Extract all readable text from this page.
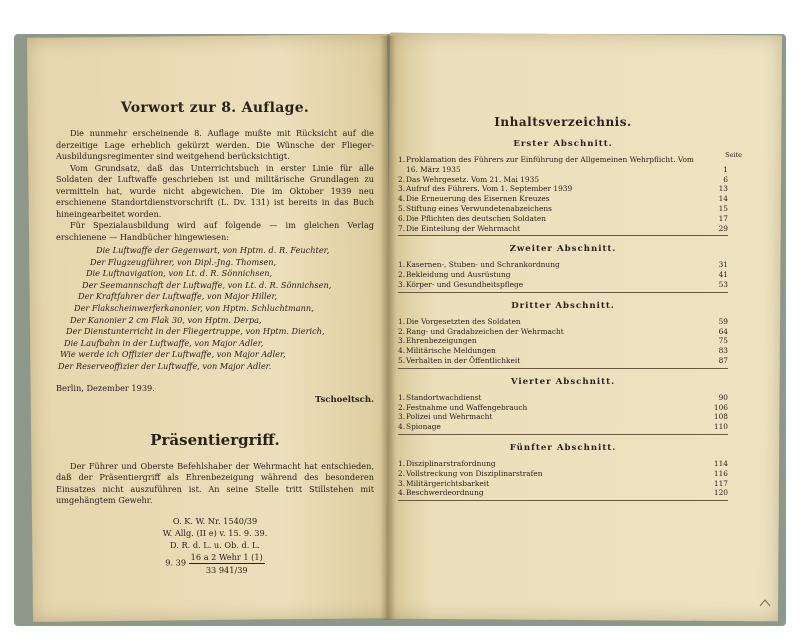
Vorwort zur 8. Auflage.

Die nunmehr erscheinende 8. Auflage mußte mit Rücksicht auf die derzeitige Lage erheblich gekürzt werden. Die Wünsche der Flieger-Ausbildungsregimenter sind weitgehend berücksichtigt.

Vom Grundsatz, daß das Unterrichtsbuch in erster Linie für alle Soldaten der Luftwaffe geschrieben ist und militärische Grundlagen zu vermitteln hat, wurde nicht abgewichen. Die im Oktober 1939 neu erschienene Standortdienstvorschrift (L. Dv. 131) ist bereits in das Buch hineingearbeitet worden.

Für Spezialausbildung wird auf folgende — im gleichen Verlag erschienene — Handbücher hingewiesen:

Die Luftwaffe der Gegenwart, von Hptm. d. R. Feuchter,
Der Flugzeugführer, von Dipl.-Jng. Thomsen,
Die Luftnavigation, von Lt. d. R. Sönnichsen,
Der Seemannschaft der Luftwaffe, von Lt. d. R. Sönnichsen,
Der Kraftfahrer der Luftwaffe, von Major Hiller,
Der Flakscheinwerferkanonier, von Hptm. Schluchtmann,
Der Kanonier 2 cm Flak 30, von Hptm. Derpa,
Der Dienstunterricht in der Fliegertruppe, von Hptm. Dierich,
Die Laufbahn in der Luftwaffe, von Major Adler,
Wie werde ich Offizier der Luftwaffe, von Major Adler,
Der Reserveoffizier der Luftwaffe, von Major Adler.
Berlin, Dezember 1939.
Tschoeltsch.
Präsentiergriff.

Der Führer und Oberste Befehlshaber der Wehrmacht hat entschieden, daß der Präsentiergriff als Ehrenbezeigung während des besonderen Einsatzes nicht auszuführen ist. An seine Stelle tritt Stillstehen mit umgehängtem Gewehr.

O. K. W. Nr. 1540/39
W. Allg. (II e) v. 15. 9. 39.
D. R. d. L. u. Ob. d. L.
9. $39 \frac{\text{16 a 2 Wehr 1 (1)}}{33 941/39}$
Inhaltsverzeichnis.
Seite
Erster Abschnitt.
1. Proklamation des Führers zur Einführung der Allgemeinen Wehrpflicht. Vom 16. März 1935	1
2. Das Wehrgesetz. Vom 21. Mai 1935	6
3. Aufruf des Führers. Vom 1. September 1939	13
4. Die Erneuerung des Eisernen Kreuzes	14
5. Stiftung eines Verwundetenabzeichens	15
6. Die Pflichten des deutschen Soldaten	17
7. Die Einteilung der Wehrmacht	29
Zweiter Abschnitt.
1. Kasernen-, Stuben- und Schrankordnung	31
2. Bekleidung und Ausrüstung	41
3. Körper- und Gesundheitspflege	53
Dritter Abschnitt.
1. Die Vorgesetzten des Soldaten	59
2. Rang- und Gradabzeichen der Wehrmacht	64
3. Ehrenbezeigungen	75
4. Militärische Meldungen	83
5. Verhalten in der Öffentlichkeit	87
Vierter Abschnitt.
1. Standortwachdienst	90
2. Festnahme und Waffengebrauch	106
3. Polizei und Wehrmacht	108
4. Spionage	110
Fünfter Abschnitt.
1. Disziplinarstrafordnung	114
2. Vollstreckung von Disziplinarstrafen	116
3. Militärgerichtsbarkeit	117
4. Beschwerdeordnung	120
